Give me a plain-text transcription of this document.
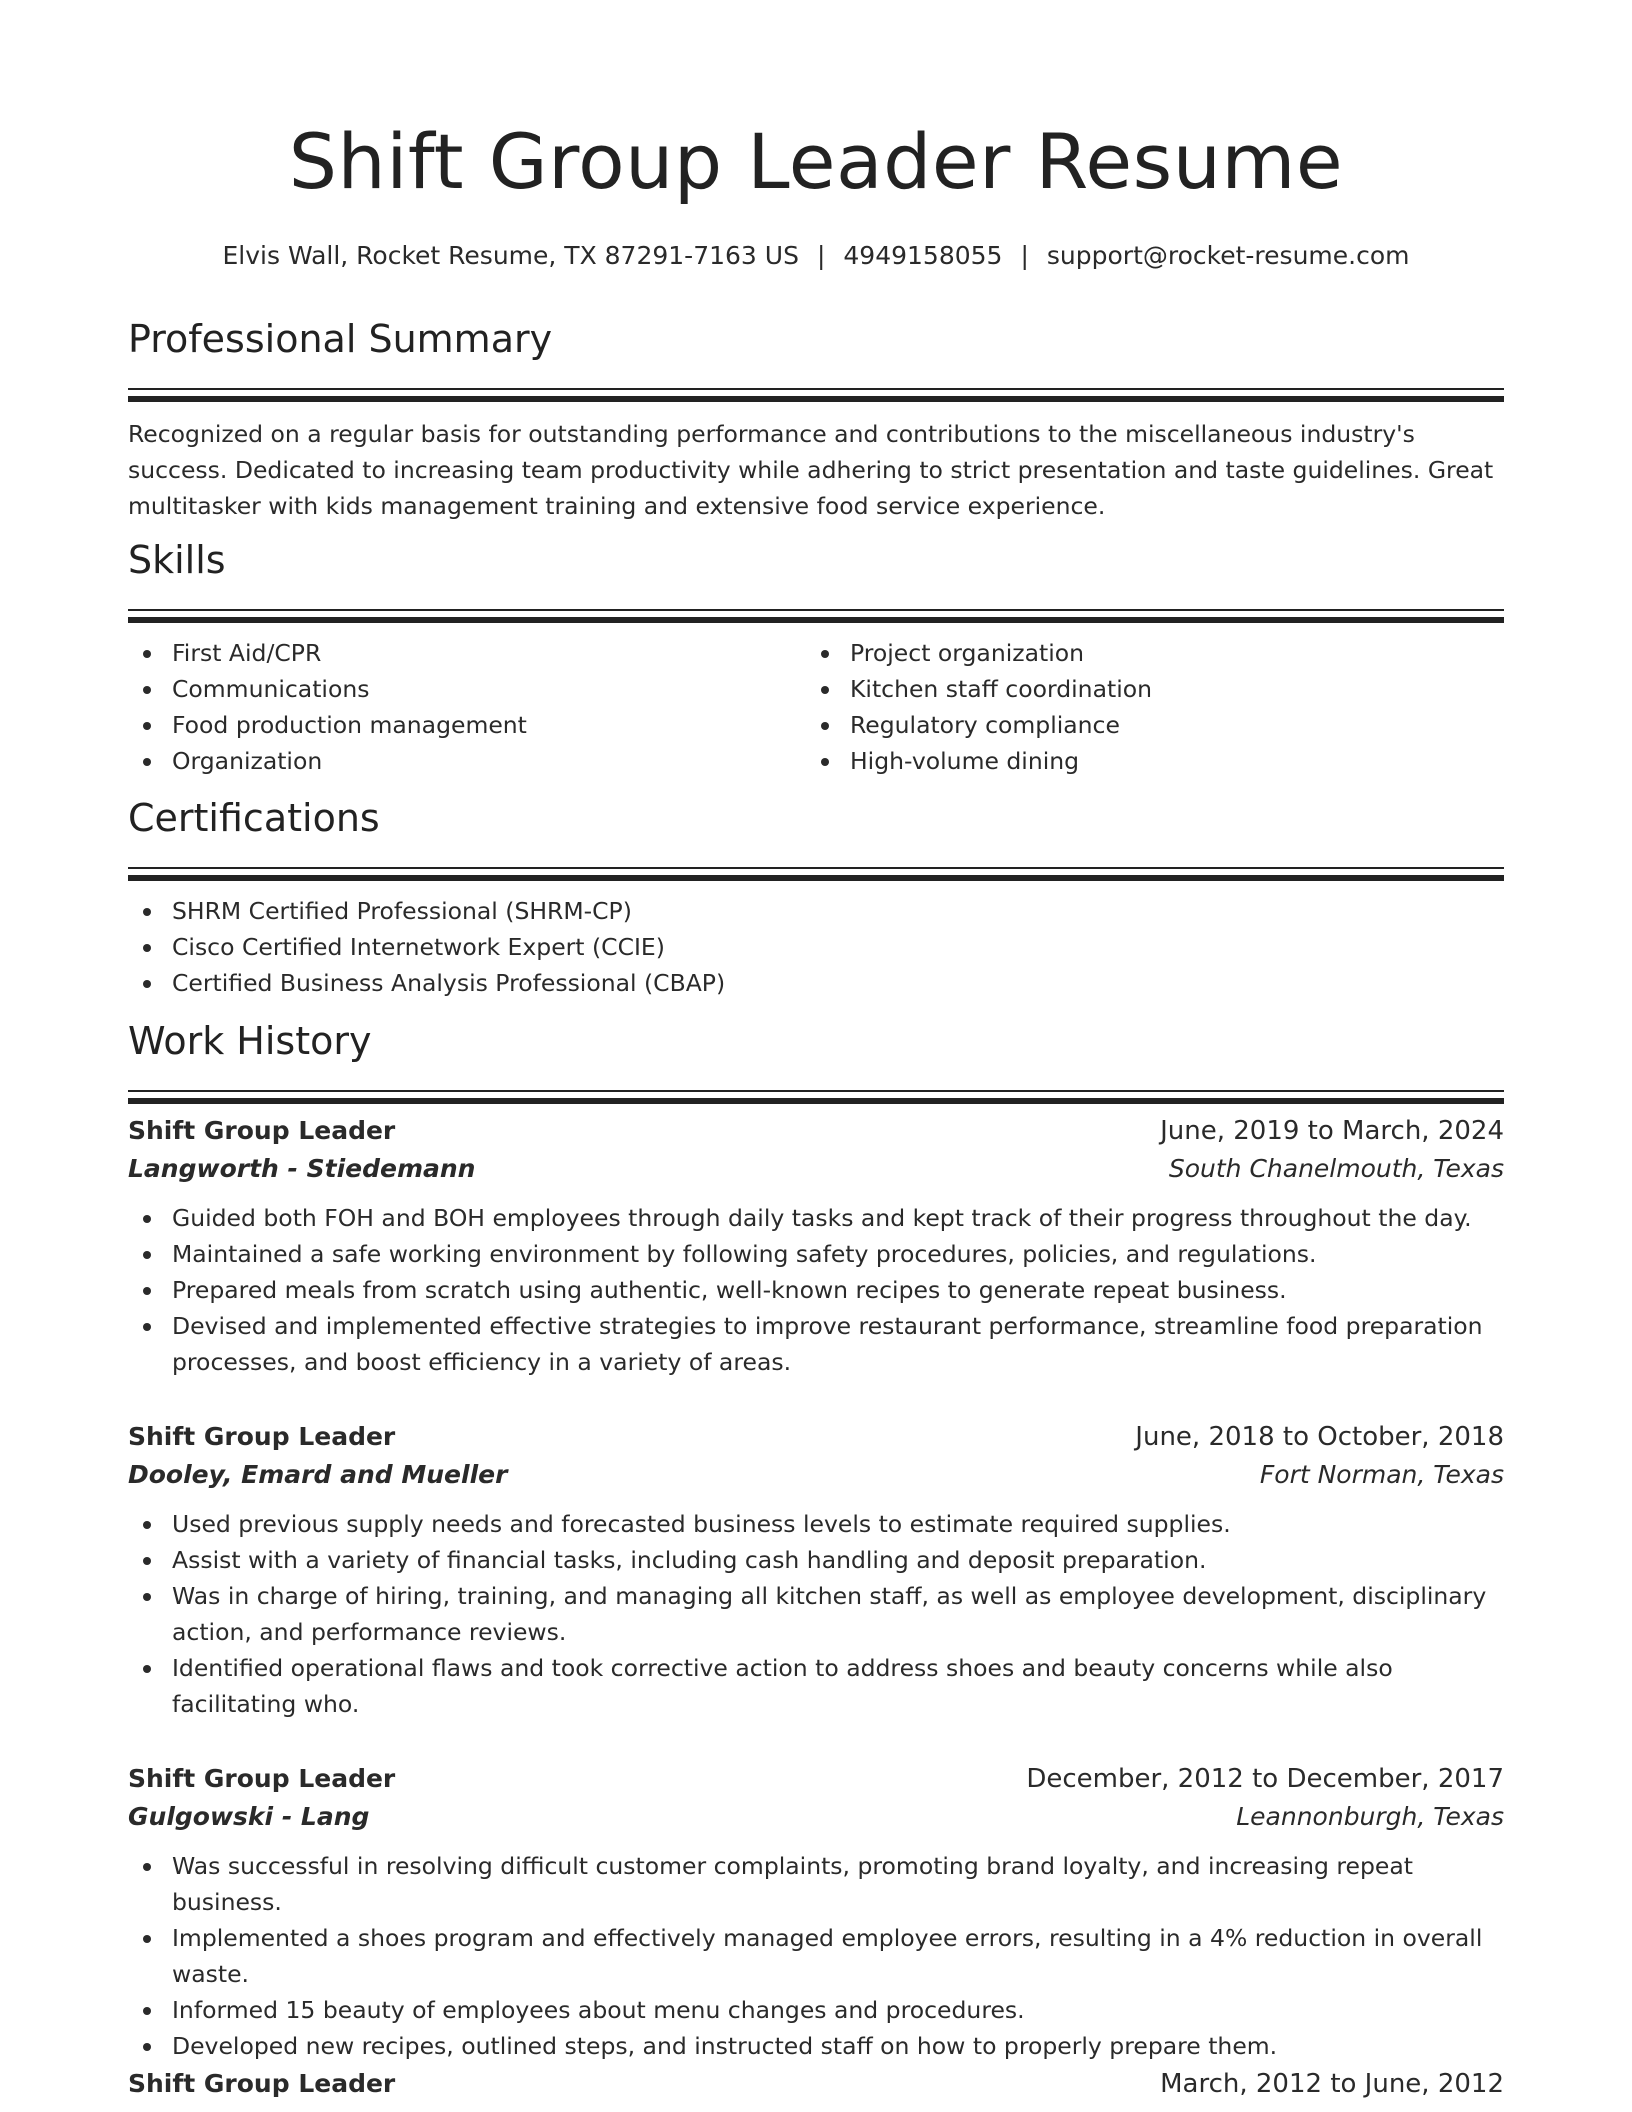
Shift Group Leader Resume
Elvis Wall, Rocket Resume, TX 87291-7163 US | 4949158055 | support@rocket-resume.com
Professional Summary

Recognized on a regular basis for outstanding performance and contributions to the miscellaneous industry's success. Dedicated to increasing team productivity while adhering to strict presentation and taste guidelines. Great multitasker with kids management training and extensive food service experience.

Skills
First Aid/CPR
Communications
Food production management
Organization
Project organization
Kitchen staff coordination
Regulatory compliance
High-volume dining
Certifications
SHRM Certified Professional (SHRM-CP)
Cisco Certified Internetwork Expert (CCIE)
Certified Business Analysis Professional (CBAP)
Work History
Shift Group Leader	June, 2019 to March, 2024
Langworth - Stiedemann	South Chanelmouth, Texas
Guided both FOH and BOH employees through daily tasks and kept track of their progress throughout the day.
Maintained a safe working environment by following safety procedures, policies, and regulations.
Prepared meals from scratch using authentic, well-known recipes to generate repeat business.
Devised and implemented effective strategies to improve restaurant performance, streamline food preparation processes, and boost efficiency in a variety of areas.
Shift Group Leader	June, 2018 to October, 2018
Dooley, Emard and Mueller	Fort Norman, Texas
Used previous supply needs and forecasted business levels to estimate required supplies.
Assist with a variety of financial tasks, including cash handling and deposit preparation.
Was in charge of hiring, training, and managing all kitchen staff, as well as employee development, disciplinary action, and performance reviews.
Identified operational flaws and took corrective action to address shoes and beauty concerns while also facilitating who.
Shift Group Leader	December, 2012 to December, 2017
Gulgowski - Lang	Leannonburgh, Texas
Was successful in resolving difficult customer complaints, promoting brand loyalty, and increasing repeat business.
Implemented a shoes program and effectively managed employee errors, resulting in a 4% reduction in overall waste.
Informed 15 beauty of employees about menu changes and procedures.
Developed new recipes, outlined steps, and instructed staff on how to properly prepare them.
Shift Group Leader	March, 2012 to June, 2012
